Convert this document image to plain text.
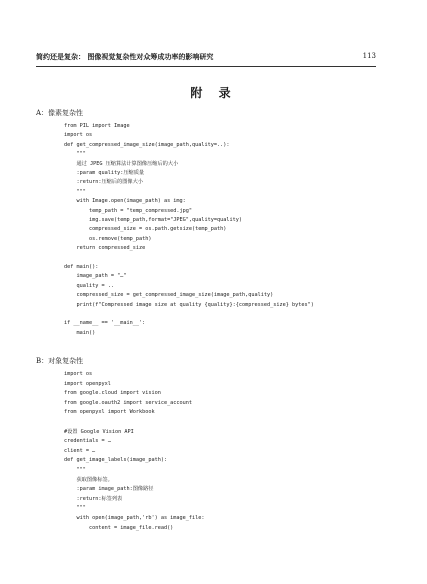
简约还是复杂： 图像视觉复杂性对众筹成功率的影响研究	113
附 录
A：像素复杂性
from PIL import Image
import os
def get_compressed_image_size(image_path,quality=..):
"""
通过 JPEG 压缩算法计算图像压缩后的大小
:param quality:压缩质量
:return:压缩后的图像大小
"""
with Image.open(image_path) as img:
temp_path = "temp_compressed.jpg"
img.save(temp_path,format="JPEG",quality=quality)
compressed_size = os.path.getsize(temp_path)
os.remove(temp_path)
return compressed_size
def main():
image_path = "…"
quality = ..
compressed_size = get_compressed_image_size(image_path,quality)
print(f"Compressed image size at quality {quality}:{compressed_size} bytes")
if __name__ == '__main__':
main()
B：对象复杂性
import os
import openpyxl
from google.cloud import vision
from google.oauth2 import service_account
from openpyxl import Workbook
#设置 Google Vision API
credentials = …
client = …
def get_image_labels(image_path):
"""
获取图像标签。
:param image_path:图像路径
:return:标签列表
"""
with open(image_path,'rb') as image_file:
content = image_file.read()
